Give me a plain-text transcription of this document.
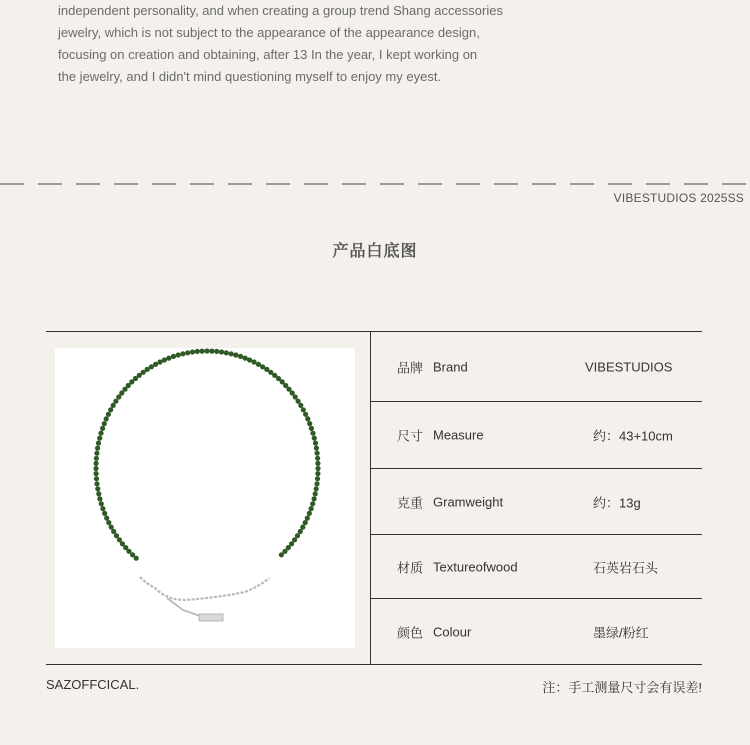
independent personality, and when creating a group trend Shang accessories

jewelry, which is not subject to the appearance of the appearance design,

focusing on creation and obtaining, after 13 In the year, I kept working on

the jewelry, and I didn't mind questioning myself to enjoy my eyest.

VIBESTUDIOS 2025SS
产品白底图
品牌 Brand	VIBESTUDIOS
尺寸 Measure	约：43+10cm
克重 Gramweight	约：13g
材质 Textureofwood	石英岩石头
颜色 Colour	墨绿/粉红
SAZOFFCICAL.	注：手工测量尺寸会有误差!
